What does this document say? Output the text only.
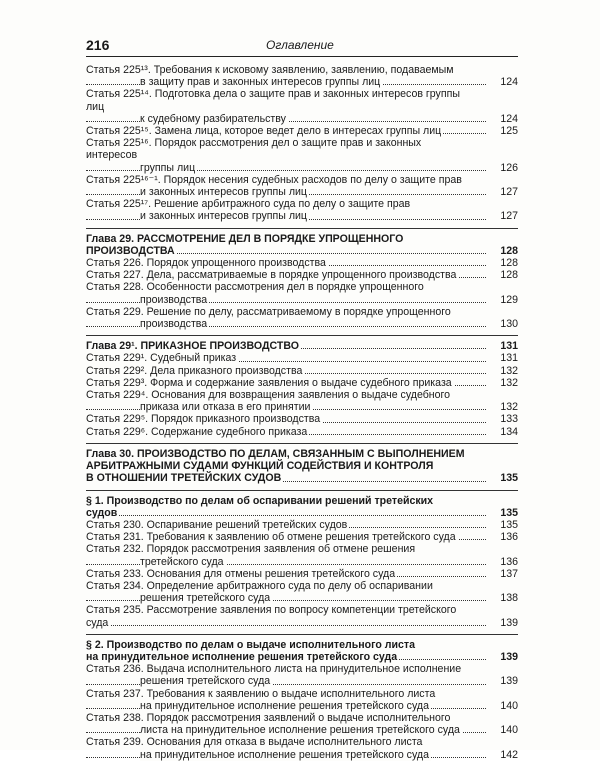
216	Оглавление
Статья 225¹³. Требования к исковому заявлению, заявлению, подаваемым
в защиту прав и законных интересов группы лиц	124
Статья 225¹⁴. Подготовка дела о защите прав и законных интересов группы лиц
к судебному разбирательству	124
Статья 225¹⁵. Замена лица, которое ведет дело в интересах группы лиц	125
Статья 225¹⁶. Порядок рассмотрения дел о защите прав и законных интересов
группы лиц	126
Статья 225¹⁶⁻¹. Порядок несения судебных расходов по делу о защите прав
и законных интересов группы лиц	127
Статья 225¹⁷. Решение арбитражного суда по делу о защите прав
и законных интересов группы лиц	127
Глава 29. РАССМОТРЕНИЕ ДЕЛ В ПОРЯДКЕ УПРОЩЕННОГО
ПРОИЗВОДСТВА	128
Статья 226. Порядок упрощенного производства	128
Статья 227. Дела, рассматриваемые в порядке упрощенного производства	128
Статья 228. Особенности рассмотрения дел в порядке упрощенного
производства	129
Статья 229. Решение по делу, рассматриваемому в порядке упрощенного
производства	130
Глава 29¹. ПРИКАЗНОЕ ПРОИЗВОДСТВО	131
Статья 229¹. Судебный приказ	131
Статья 229². Дела приказного производства	132
Статья 229³. Форма и содержание заявления о выдаче судебного приказа	132
Статья 229⁴. Основания для возвращения заявления о выдаче судебного
приказа или отказа в его принятии	132
Статья 229⁵. Порядок приказного производства	133
Статья 229⁶. Содержание судебного приказа	134
Глава 30. ПРОИЗВОДСТВО ПО ДЕЛАМ, СВЯЗАННЫМ С ВЫПОЛНЕНИЕМ
АРБИТРАЖНЫМИ СУДАМИ ФУНКЦИЙ СОДЕЙСТВИЯ И КОНТРОЛЯ
В ОТНОШЕНИИ ТРЕТЕЙСКИХ СУДОВ	135
§ 1. Производство по делам об оспаривании решений третейских судов	135
Статья 230. Оспаривание решений третейских судов	135
Статья 231. Требования к заявлению об отмене решения третейского суда	136
Статья 232. Порядок рассмотрения заявления об отмене решения
третейского суда	136
Статья 233. Основания для отмены решения третейского суда	137
Статья 234. Определение арбитражного суда по делу об оспаривании
решения третейского суда	138
Статья 235. Рассмотрение заявления по вопросу компетенции третейского суда	139
§ 2. Производство по делам о выдаче исполнительного листа
на принудительное исполнение решения третейского суда	139
Статья 236. Выдача исполнительного листа на принудительное исполнение
решения третейского суда	139
Статья 237. Требования к заявлению о выдаче исполнительного листа
на принудительное исполнение решения третейского суда	140
Статья 238. Порядок рассмотрения заявлений о выдаче исполнительного
листа на принудительное исполнение решения третейского суда	140
Статья 239. Основания для отказа в выдаче исполнительного листа
на принудительное исполнение решения третейского суда	142
